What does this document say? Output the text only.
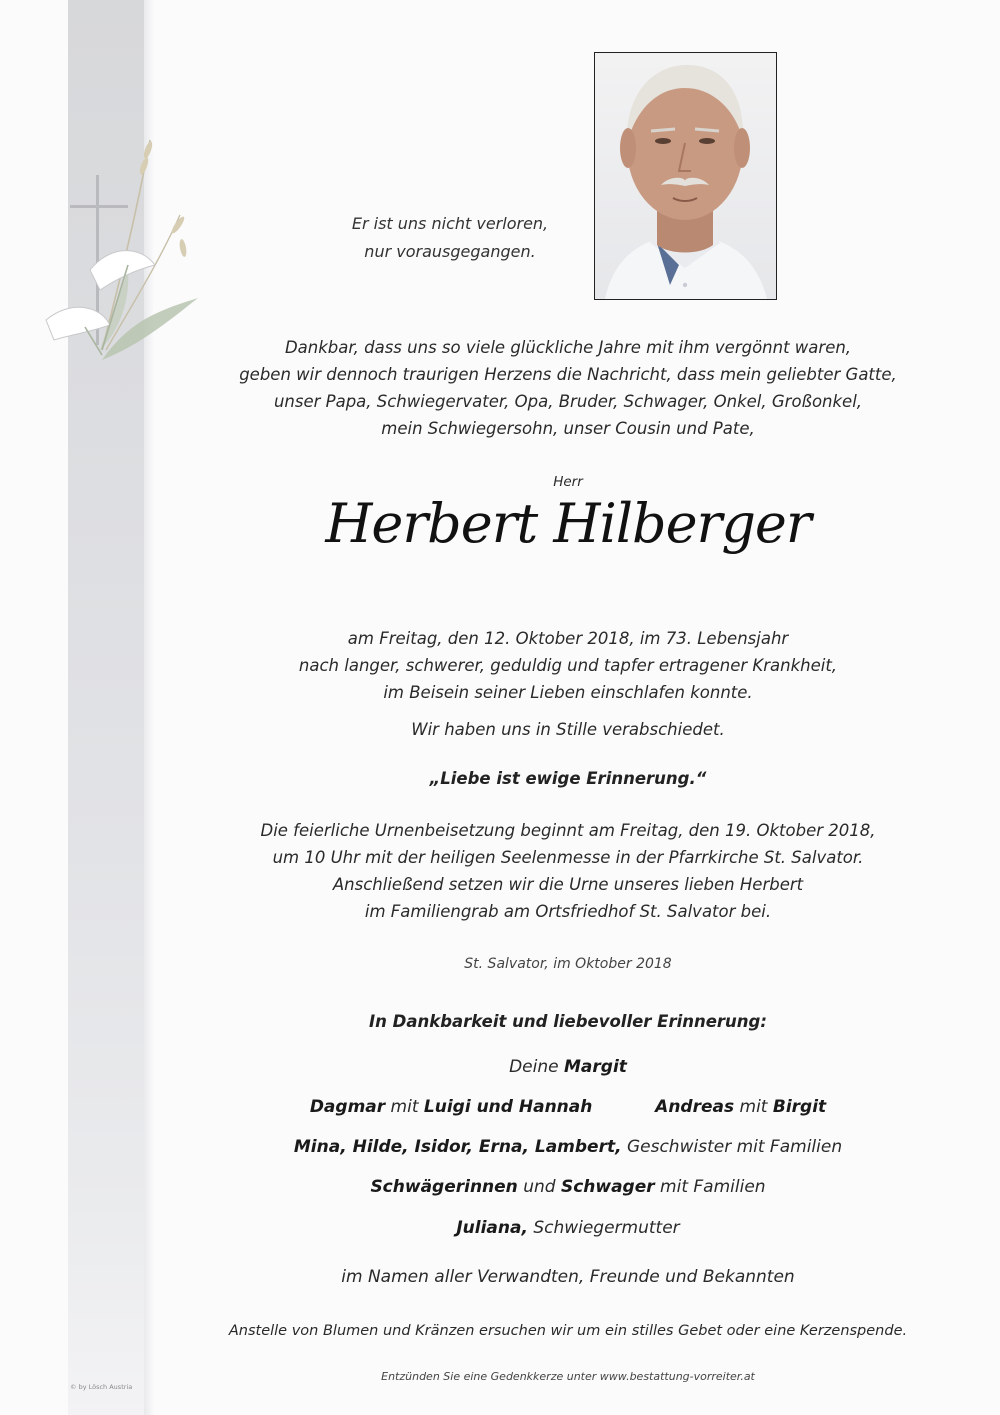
© by Lösch Austria
Er ist uns nicht verloren,
nur vorausgegangen.
Dankbar, dass uns so viele glückliche Jahre mit ihm vergönnt waren,
geben wir dennoch traurigen Herzens die Nachricht, dass mein geliebter Gatte,
unser Papa, Schwiegervater, Opa, Bruder, Schwager, Onkel, Großonkel,
mein Schwiegersohn, unser Cousin und Pate,
Herr
Herbert Hilberger
am Freitag, den 12. Oktober 2018, im 73. Lebensjahr
nach langer, schwerer, geduldig und tapfer ertragener Krankheit,
im Beisein seiner Lieben einschlafen konnte.
Wir haben uns in Stille verabschiedet.
„Liebe ist ewige Erinnerung.“
Die feierliche Urnenbeisetzung beginnt am Freitag, den 19. Oktober 2018,
um 10 Uhr mit der heiligen Seelenmesse in der Pfarrkirche St. Salvator.
Anschließend setzen wir die Urne unseres lieben Herbert
im Familiengrab am Ortsfriedhof St. Salvator bei.
St. Salvator, im Oktober 2018
In Dankbarkeit und liebevoller Erinnerung:
Deine Margit
Dagmar mit Luigi und Hannah	Andreas mit Birgit
Mina, Hilde, Isidor, Erna, Lambert, Geschwister mit Familien
Schwägerinnen und Schwager mit Familien
Juliana, Schwiegermutter
im Namen aller Verwandten, Freunde und Bekannten
Anstelle von Blumen und Kränzen ersuchen wir um ein stilles Gebet oder eine Kerzenspende.
Entzünden Sie eine Gedenkkerze unter www.bestattung-vorreiter.at
